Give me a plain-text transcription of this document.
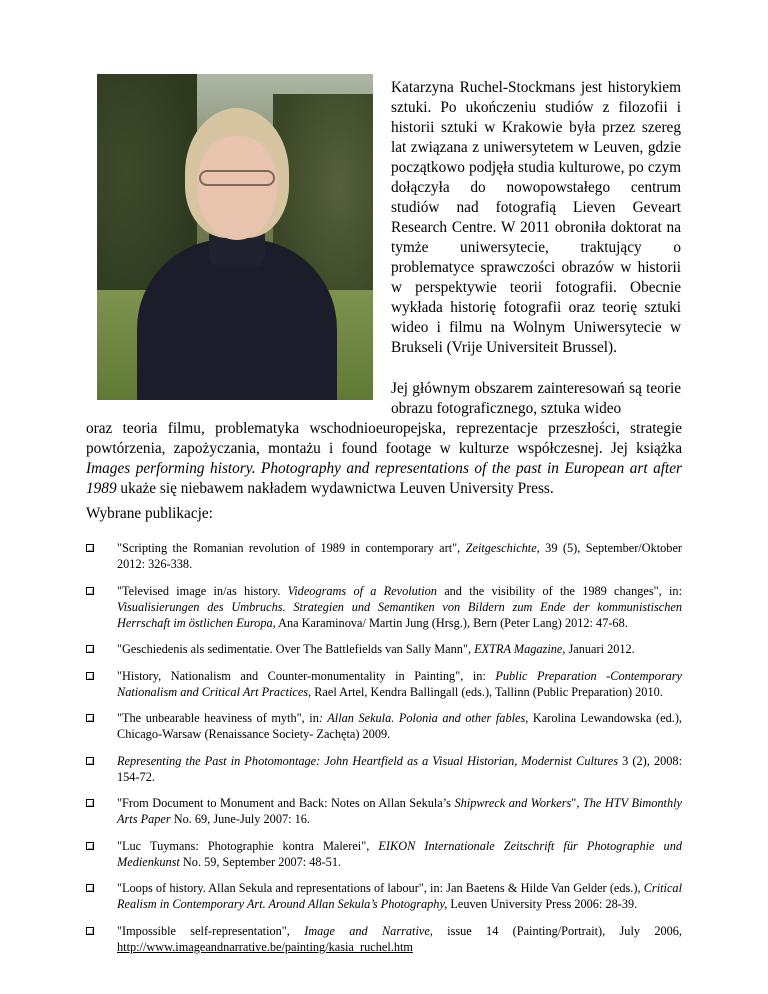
Katarzyna Ruchel-Stockmans jest historykiem sztuki. Po ukończeniu studiów z filozofii i historii sztuki w Krakowie była przez szereg lat związana z uniwersytetem w Leuven, gdzie początkowo podjęła studia kulturowe, po czym dołączyła do nowopowstałego centrum studiów nad fotografią Lieven Geveart Research Centre. W 2011 obroniła doktorat na tymże uniwersytecie, traktujący o problematyce sprawczości obrazów w historii w perspektywie teorii fotografii. Obecnie wykłada historię fotografii oraz teorię sztuki wideo i filmu na Wolnym Uniwersytecie w Brukseli (Vrije Universiteit Brussel).

Jej głównym obszarem zainteresowań są teorie obrazu fotograficznego, sztuka wideo

oraz teoria filmu, problematyka wschodnioeuropejska, reprezentacje przeszłości, strategie powtórzenia, zapożyczania, montażu i found footage w kulturze współczesnej. Jej książka Images performing history. Photography and representations of the past in European art after 1989 ukaże się niebawem nakładem wydawnictwa Leuven University Press.

Wybrane publikacje:
"Scripting the Romanian revolution of 1989 in contemporary art", Zeitgeschichte, 39 (5), September/Oktober 2012: 326-338.
"Televised image in/as history. Videograms of a Revolution and the visibility of the 1989 changes", in: Visualisierungen des Umbruchs. Strategien und Semantiken von Bildern zum Ende der kommunistischen Herrschaft im östlichen Europa, Ana Karaminova/ Martin Jung (Hrsg.), Bern (Peter Lang) 2012: 47-68.
"Geschiedenis als sedimentatie. Over The Battlefields van Sally Mann", EXTRA Magazine, Januari 2012.
"History, Nationalism and Counter-monumentality in Painting", in: Public Preparation -Contemporary Nationalism and Critical Art Practices, Rael Artel, Kendra Ballingall (eds.), Tallinn (Public Preparation) 2010.
"The unbearable heaviness of myth", in: Allan Sekula. Polonia and other fables, Karolina Lewandowska (ed.), Chicago-Warsaw (Renaissance Society- Zachęta) 2009.
Representing the Past in Photomontage: John Heartfield as a Visual Historian, Modernist Cultures 3 (2), 2008: 154-72.
"From Document to Monument and Back: Notes on Allan Sekula’s Shipwreck and Workers", The HTV Bimonthly Arts Paper No. 69, June-July 2007: 16.
"Luc Tuymans: Photographie kontra Malerei", EIKON Internationale Zeitschrift für Photographie und Medienkunst No. 59, September 2007: 48-51.
"Loops of history. Allan Sekula and representations of labour", in: Jan Baetens & Hilde Van Gelder (eds.), Critical Realism in Contemporary Art. Around Allan Sekula’s Photography, Leuven University Press 2006: 28-39.
"Impossible self-representation", Image and Narrative, issue 14 (Painting/Portrait), July 2006, http://www.imageandnarrative.be/painting/kasia_ruchel.htm
